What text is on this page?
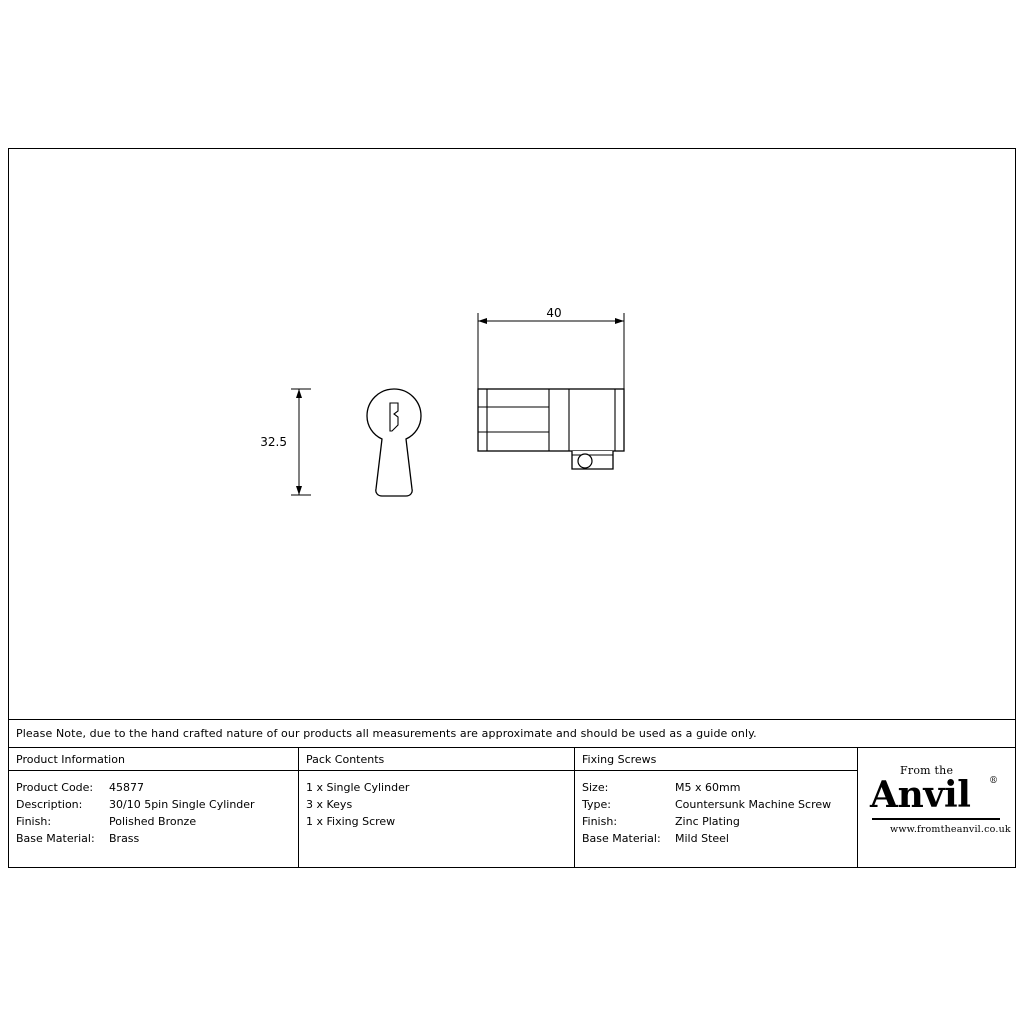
40
32.5
Please Note, due to the hand crafted nature of our products all measurements are approximate and should be used as a guide only.
Product Information
Product Code:	45877
Description:	30/10 5pin Single Cylinder
Finish:	Polished Bronze
Base Material:	Brass
Pack Contents
1 x Single Cylinder
3 x Keys
1 x Fixing Screw
Fixing Screws
Size:	M5 x 60mm
Type:	Countersunk Machine Screw
Finish:	Zinc Plating
Base Material:	Mild Steel
From the
Anvil ®
www.fromtheanvil.co.uk
